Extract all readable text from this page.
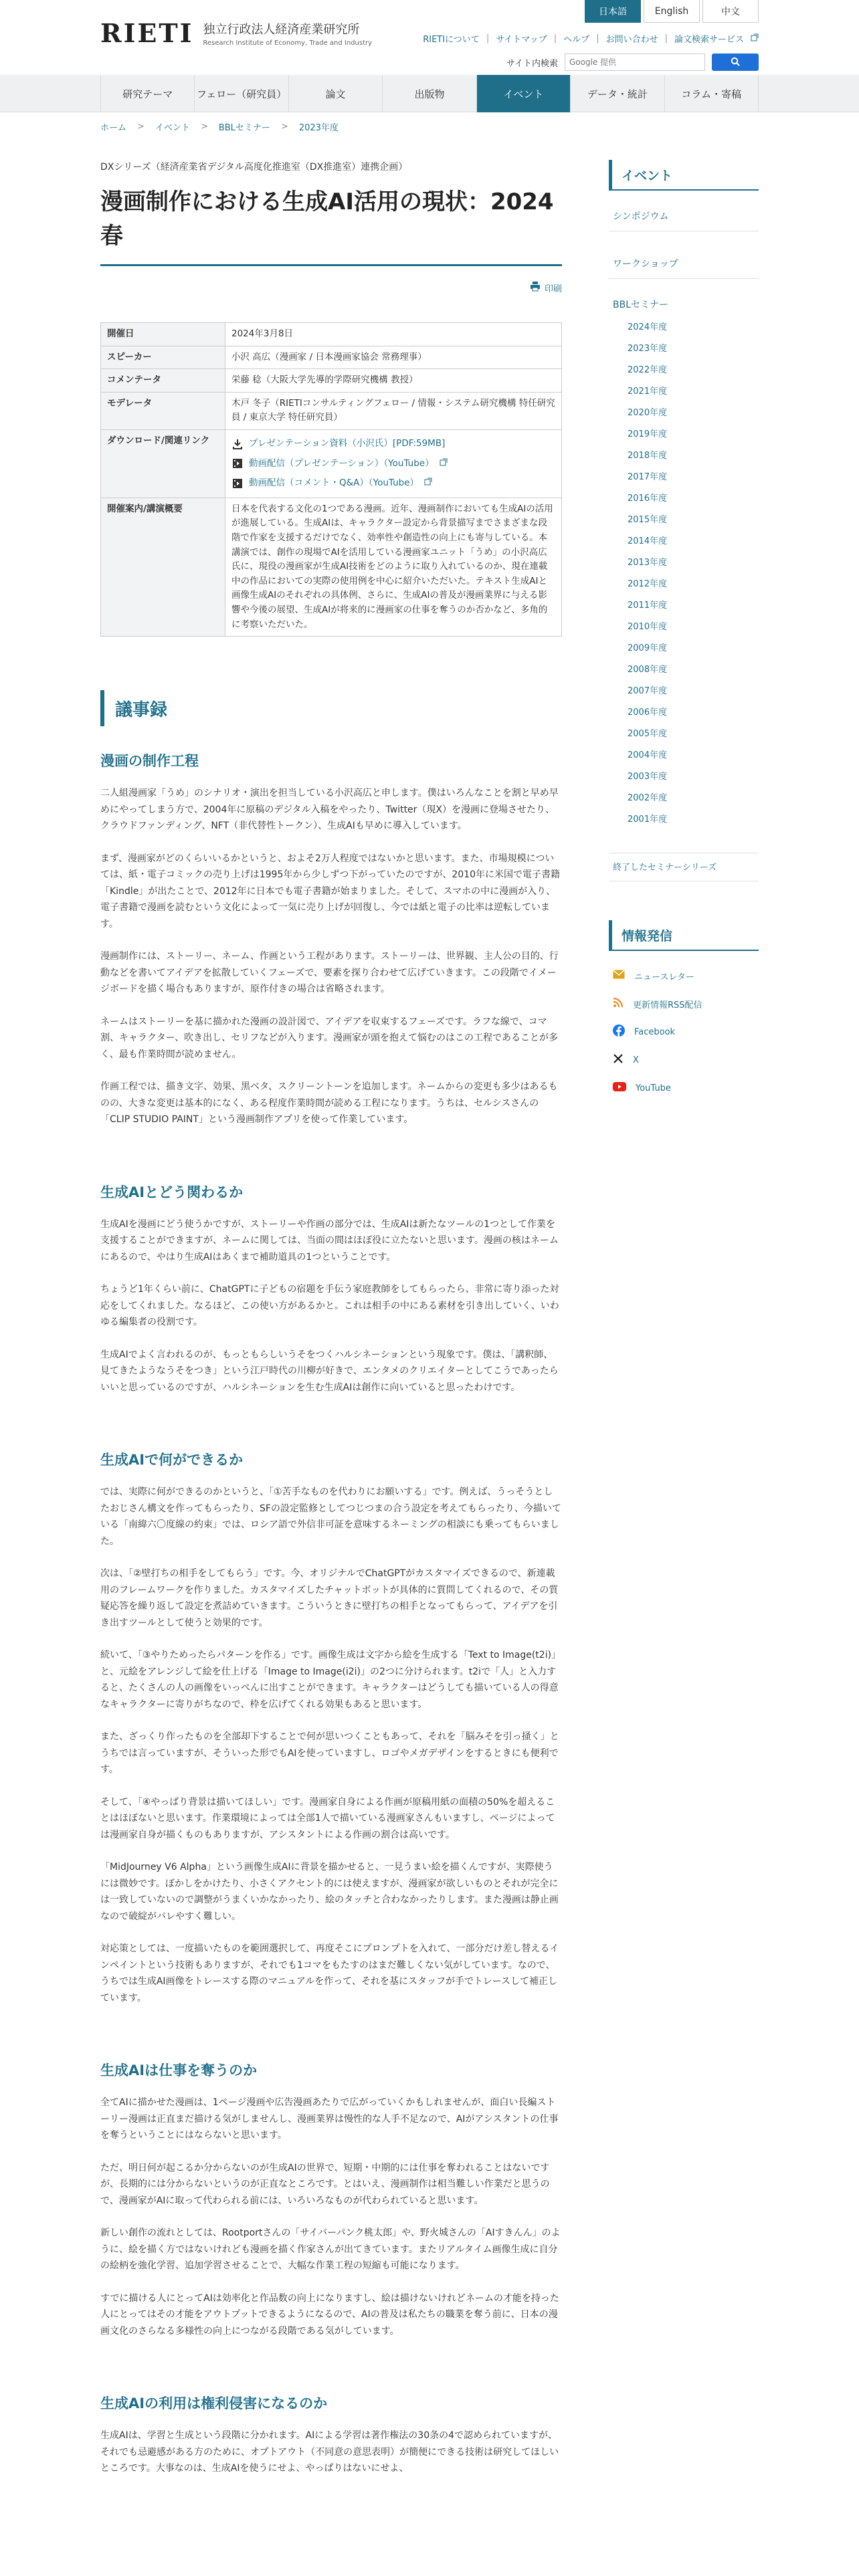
RIETI 独立行政法人経済産業研究所
Research Institute of Economy, Trade and Industry
日本語	English	中文
RIETIについて | サイトマップ | ヘルプ | お問い合わせ | 論文検索サービス
サイト内検索
Google 提供
研究テーマ	フェロー（研究員）	論文	出版物	イベント	データ・統計	コラム・寄稿
ホーム > イベント > BBLセミナー > 2023年度
DXシリーズ（経済産業省デジタル高度化推進室（DX推進室）連携企画）
漫画制作における生成AI活用の現状：2024春
印刷
開催日	2024年3月8日
スピーカー	小沢 高広（漫画家 / 日本漫画家協会 常務理事）
コメンテータ	栄藤 稔（大阪大学先導的学際研究機構 教授）
モデレータ	木戸 冬子（RIETIコンサルティングフェロー / 情報・システム研究機構 特任研究員 / 東京大学 特任研究員）
ダウンロード/関連リンク	プレゼンテーション資料（小沢氏）[PDF:59MB]
動画配信（プレゼンテーション）（YouTube）
動画配信（コメント・Q&A）（YouTube）

開催案内/講演概要	日本を代表する文化の1つである漫画。近年、漫画制作においても生成AIの活用が進展している。生成AIは、キャラクター設定から背景描写までさまざまな段階で作家を支援するだけでなく、効率性や創造性の向上にも寄与している。本講演では、創作の現場でAIを活用している漫画家ユニット「うめ」の小沢高広氏に、現役の漫画家が生成AI技術をどのように取り入れているのか、現在連載中の作品においての実際の使用例を中心に紹介いただいた。テキスト生成AIと画像生成AIのそれぞれの具体例、さらに、生成AIの普及が漫画業界に与える影響や今後の展望、生成AIが将来的に漫画家の仕事を奪うのか否かなど、多角的に考察いただいた。
議事録
漫画の制作工程

二人組漫画家「うめ」のシナリオ・演出を担当している小沢高広と申します。僕はいろんなことを割と早め早めにやってしまう方で、2004年に原稿のデジタル入稿をやったり、Twitter（現X）を漫画に登場させたり、クラウドファンディング、NFT（非代替性トークン）、生成AIも早めに導入しています。

まず、漫画家がどのくらいいるかというと、およそ2万人程度ではないかと思います。また、市場規模については、紙・電子コミックの売り上げは1995年から少しずつ下がっていたのですが、2010年に米国で電子書籍「Kindle」が出たことで、2012年に日本でも電子書籍が始まりました。そして、スマホの中に漫画が入り、電子書籍で漫画を読むという文化によって一気に売り上げが回復し、今では紙と電子の比率は逆転しています。

漫画制作には、ストーリー、ネーム、作画という工程があります。ストーリーは、世界観、主人公の目的、行動などを書いてアイデアを拡散していくフェーズで、要素を探り合わせて広げていきます。この段階でイメージボードを描く場合もありますが、原作付きの場合は省略されます。

ネームはストーリーを基に描かれた漫画の設計図で、アイデアを収束するフェーズです。ラフな線で、コマ割、キャラクター、吹き出し、セリフなどが入ります。漫画家が頭を抱えて悩むのはこの工程であることが多く、最も作業時間が読めません。

作画工程では、描き文字、効果、黒ベタ、スクリーントーンを追加します。ネームからの変更も多少はあるものの、大きな変更は基本的になく、ある程度作業時間が読める工程になります。うちは、セルシスさんの「CLIP STUDIO PAINT」という漫画制作アプリを使って作業しています。

生成AIとどう関わるか

生成AIを漫画にどう使うかですが、ストーリーや作画の部分では、生成AIは新たなツールの1つとして作業を支援することができますが、ネームに関しては、当面の間はほぼ役に立たないと思います。漫画の核はネームにあるので、やはり生成AIはあくまで補助道具の1つということです。

ちょうど1年くらい前に、ChatGPTに子どもの宿題を手伝う家庭教師をしてもらったら、非常に寄り添った対応をしてくれました。なるほど、この使い方があるかと。これは相手の中にある素材を引き出していく、いわゆる編集者の役割です。

生成AIでよく言われるのが、もっともらしいうそをつくハルシネーションという現象です。僕は、「講釈師、見てきたようなうそをつき」という江戸時代の川柳が好きで、エンタメのクリエイターとしてこうであったらいいと思っているのですが、ハルシネーションを生む生成AIは創作に向いていると思ったわけです。

生成AIで何ができるか

では、実際に何ができるのかというと、「①苦手なものを代わりにお願いする」です。例えば、うっそうとしたおじさん構文を作ってもらったり、SFの設定監修としてつじつまの合う設定を考えてもらったり、今描いている「南緯六〇度線の約束」では、ロシア語で外信非可証を意味するネーミングの相談にも乗ってもらいました。

次は、「②壁打ちの相手をしてもらう」です。今、オリジナルでChatGPTがカスタマイズできるので、新連載用のフレームワークを作りました。カスタマイズしたチャットボットが具体的に質問してくれるので、その質疑応答を繰り返して設定を煮詰めていきます。こういうときに壁打ちの相手となってもらって、アイデアを引き出すツールとして使うと効果的です。

続いて、「③やりためったらパターンを作る」です。画像生成は文字から絵を生成する「Text to Image(t2i)」と、元絵をアレンジして絵を仕上げる「Image to Image(i2i)」の2つに分けられます。t2iで「人」と入力すると、たくさんの人の画像をいっぺんに出すことができます。キャラクターはどうしても描いている人の得意なキャラクターに寄りがちなので、枠を広げてくれる効果もあると思います。

また、ざっくり作ったものを全部却下することで何が思いつくこともあって、それを「脳みそを引っ掻く」とうちでは言っていますが、そういった形でもAIを使っていますし、ロゴやメガデザインをするときにも便利です。

そして、「④やっぱり背景は描いてほしい」です。漫画家自身による作画が原稿用紙の面積の50%を超えることはほぼないと思います。作業環境によっては全部1人で描いている漫画家さんもいますし、ページによっては漫画家自身が描くものもありますが、アシスタントによる作画の割合は高いです。

「MidJourney V6 Alpha」という画像生成AIに背景を描かせると、一見うまい絵を描くんですが、実際使うには微妙です。ぼかしをかけたり、小さくアクセント的には使えますが、漫画家が欲しいものとそれが完全には一致していないので調整がうまくいかなかったり、絵のタッチと合わなかったりします。また漫画は静止画なので破綻がバレやすく難しい。

対応策としては、一度描いたものを範囲選択して、再度そこにプロンプトを入れて、一部分だけ差し替えるインペイントという技術もありますが、それでも1コマをもたすのはまだ難しくない気がしています。なので、うちでは生成AI画像をトレースする際のマニュアルを作って、それを基にスタッフが手でトレースして補正しています。

生成AIは仕事を奪うのか

全てAIに描かせた漫画は、1ページ漫画や広告漫画あたりで広がっていくかもしれませんが、面白い長編ストーリー漫画は正直まだ描ける気がしませんし、漫画業界は慢性的な人手不足なので、AIがアシスタントの仕事を奪うということにはならないと思います。

ただ、明日何が起こるか分からないのが生成AIの世界で、短期・中期的には仕事を奪われることはないですが、長期的には分からないというのが正直なところです。とはいえ、漫画制作は相当難しい作業だと思うので、漫画家がAIに取って代わられる前には、いろいろなものが代わられていると思います。

新しい創作の流れとしては、Rootportさんの「サイバーパンク桃太郎」や、野火城さんの「AIすきんん」のように、絵を描く方ではないけれども漫画を描く作家さんが出てきています。またリアルタイム画像生成に自分の絵柄を強化学習、追加学習させることで、大幅な作業工程の短縮も可能になります。

すでに描ける人にとってAIは効率化と作品数の向上になりますし、絵は描けないけれどネームの才能を持った人にとってはその才能をアウトプットできるようになるので、AIの普及は私たちの職業を奪う前に、日本の漫画文化のさらなる多様性の向上につながる段階である気がしています。

生成AIの利用は権利侵害になるのか

生成AIは、学習と生成という段階に分かれます。AIによる学習は著作権法の30条の4で認められていますが、それでも忌避感がある方のために、オプトアウト（不同意の意思表明）が簡便にできる技術は研究してほしいところです。大事なのは、生成AIを使うにせよ、やっぱりはないにせよ、

イベント
シンポジウム
ワークショップ
BBLセミナー
2024年度
2023年度
2022年度
2021年度
2020年度
2019年度
2018年度
2017年度
2016年度
2015年度
2014年度
2013年度
2012年度
2011年度
2010年度
2009年度
2008年度
2007年度
2006年度
2005年度
2004年度
2003年度
2002年度
2001年度
終了したセミナーシリーズ
情報発信
ニュースレター
更新情報RSS配信
Facebook
X
YouTube
